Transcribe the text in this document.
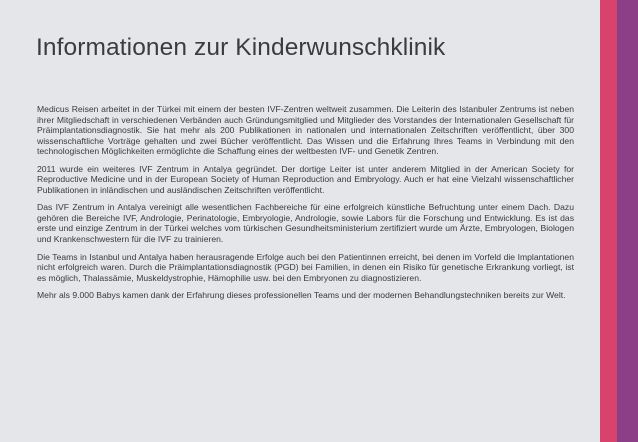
Informationen zur Kinderwunschklinik

Medicus Reisen arbeitet in der Türkei mit einem der besten IVF-Zentren weltweit zusammen. Die Leiterin des Istanbuler Zentrums ist neben ihrer Mitgliedschaft in verschiedenen Verbänden auch Gründungsmitglied und Mitglieder des Vorstandes der Internationalen Gesellschaft für Präimplantationsdiagnostik. Sie hat mehr als 200 Publikationen in nationalen und internationalen Zeitschriften veröffentlicht, über 300 wissenschaftliche Vorträge gehalten und zwei Bücher veröffentlicht. Das Wissen und die Erfahrung Ihres Teams in Verbindung mit den technologischen Möglichkeiten ermöglichte die Schaffung eines der weltbesten IVF- und Genetik Zentren.

2011 wurde ein weiteres IVF Zentrum in Antalya gegründet. Der dortige Leiter ist unter anderem Mitglied in der American Society for Reproductive Medicine und in der European Society of Human Reproduction and Embryology. Auch er hat eine Vielzahl wissenschaftlicher Publikationen in inländischen und ausländischen Zeitschriften veröffentlicht.

Das IVF Zentrum in Antalya vereinigt alle wesentlichen Fachbereiche für eine erfolgreich künstliche Befruchtung unter einem Dach. Dazu gehören die Bereiche IVF, Andrologie, Perinatologie, Embryologie, Andrologie, sowie Labors für die Forschung und Entwicklung. Es ist das erste und einzige Zentrum in der Türkei welches vom türkischen Gesundheitsministerium zertifiziert wurde um Ärzte, Embryologen, Biologen und Krankenschwestern für die IVF zu trainieren.

Die Teams in Istanbul und Antalya haben herausragende Erfolge auch bei den Patientinnen erreicht, bei denen im Vorfeld die Implantationen nicht erfolgreich waren. Durch die Präimplantationsdiagnostik (PGD) bei Familien, in denen ein Risiko für genetische Erkrankung vorliegt, ist es möglich, Thalassämie, Muskeldystrophie, Hämophilie usw. bei den Embryonen zu diagnostizieren.

Mehr als 9.000 Babys kamen dank der Erfahrung dieses professionellen Teams und der modernen Behandlungstechniken bereits zur Welt.
